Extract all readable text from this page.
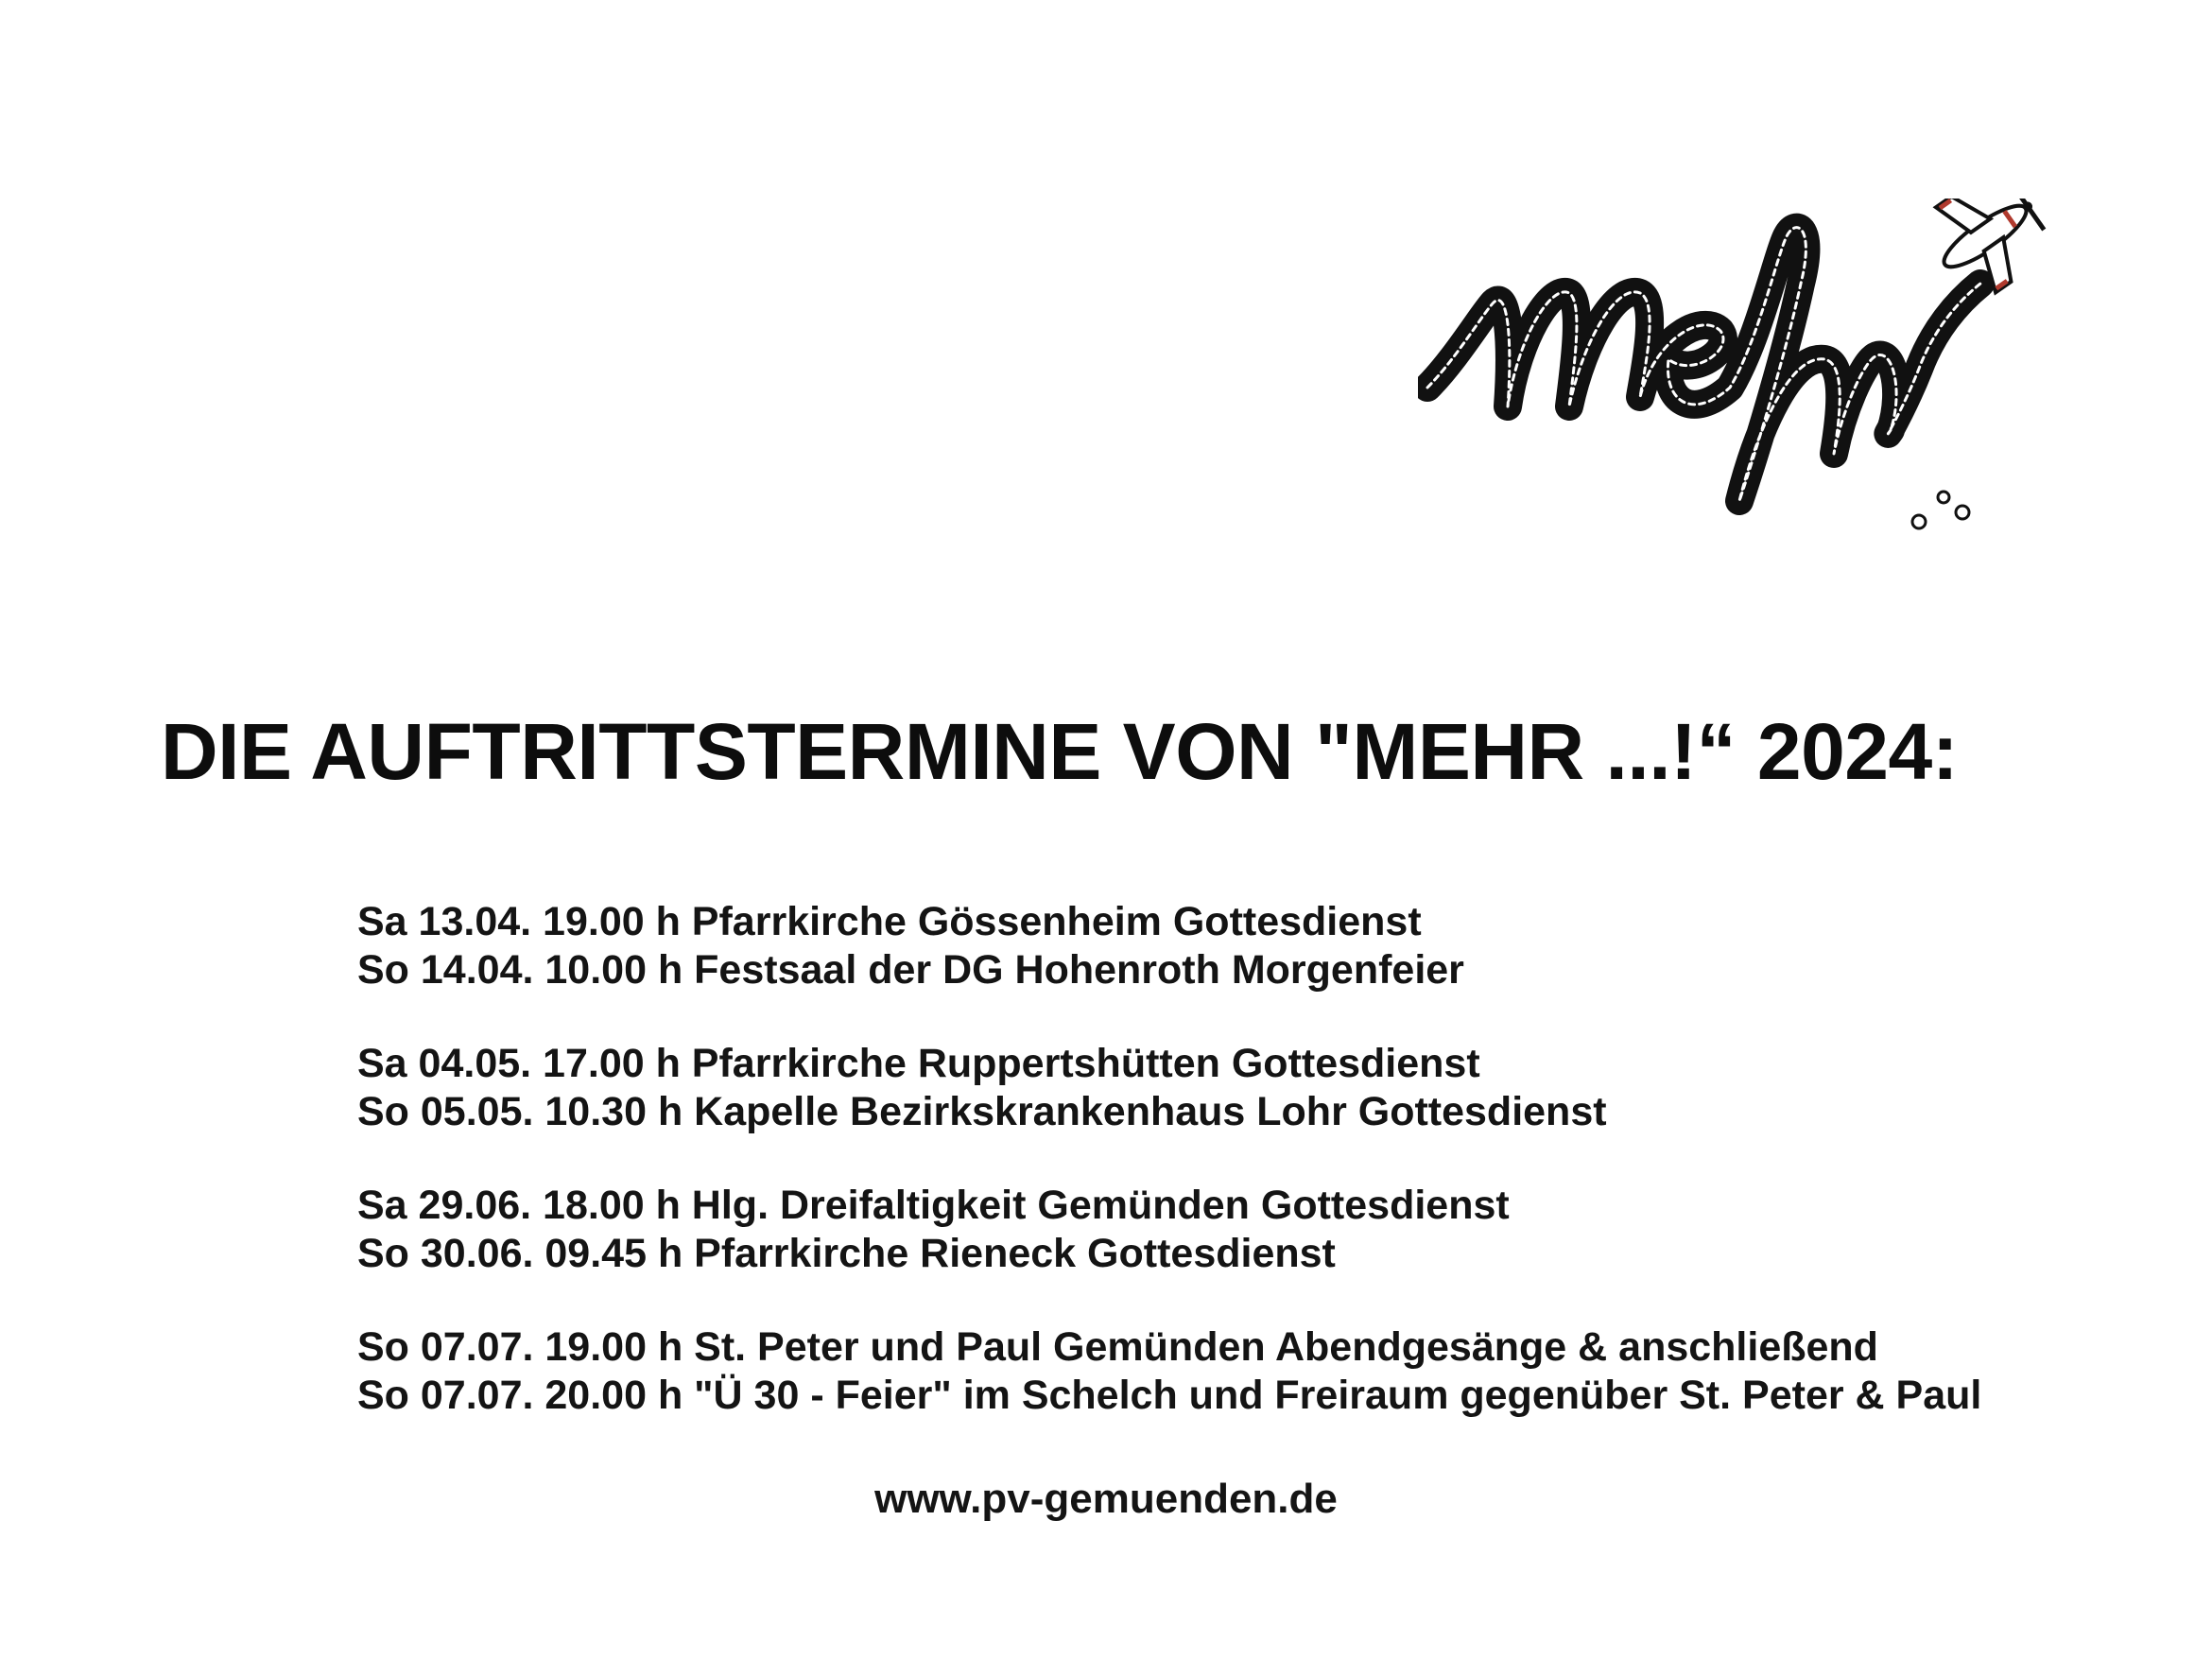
DIE AUFTRITTSTERMINE VON "MEHR ...!“ 2024:
Sa 13.04. 19.00 h Pfarrkirche Gössenheim Gottesdienst
So 14.04. 10.00 h Festsaal der DG Hohenroth Morgenfeier
Sa 04.05. 17.00 h Pfarrkirche Ruppertshütten Gottesdienst
So 05.05. 10.30 h Kapelle Bezirkskrankenhaus Lohr Gottesdienst
Sa 29.06. 18.00 h Hlg. Dreifaltigkeit Gemünden Gottesdienst
So 30.06. 09.45 h Pfarrkirche Rieneck Gottesdienst
So 07.07. 19.00 h St. Peter und Paul Gemünden Abendgesänge & anschließend
So 07.07. 20.00 h "Ü 30 - Feier" im Schelch und Freiraum gegenüber St. Peter & Paul
www.pv-gemuenden.de
